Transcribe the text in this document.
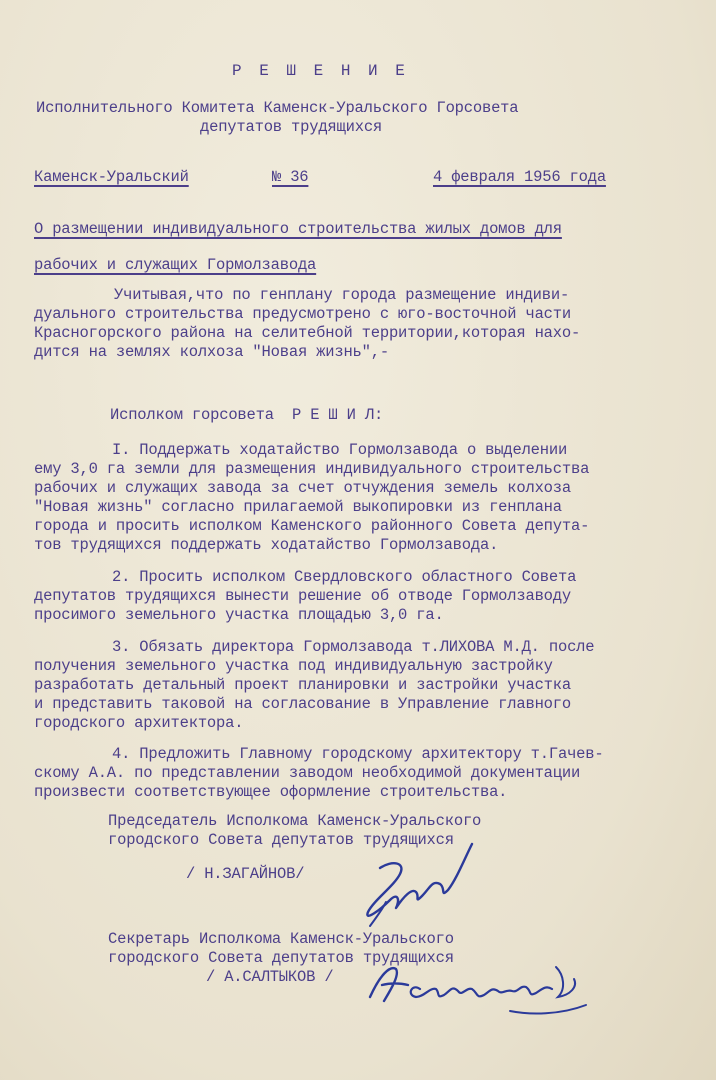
Р Е Ш Е Н И Е
Исполнительного Комитета Каменск-Уральского Горсовета
депутатов трудящихся
Каменск-Уральский	№ 36	4 февраля 1956 года
О размещении индивидуального строительства жилых домов для
рабочих и служащих Гормолзавода
Учитывая,что по генплану города размещение индиви-
дуального строительства предусмотрено с юго-восточной части
Красногорского района на селитебной территории,которая нахо-
дится на землях колхоза "Новая жизнь",-
Исполком горсовета  Р Е Ш И Л:
I. Поддержать ходатайство Гормолзавода о выделении
ему 3,0 га земли для размещения индивидуального строительства
рабочих и служащих завода за счет отчуждения земель колхоза
"Новая жизнь" согласно прилагаемой выкопировки из генплана
города и просить исполком Каменского районного Совета депута-
тов трудящихся поддержать ходатайство Гормолзавода.
2. Просить исполком Свердловского областного Совета
депутатов трудящихся вынести решение об отводе Гормолзаводу
просимого земельного участка площадью 3,0 га.
3. Обязать директора Гормолзавода т.ЛИХОВА М.Д. после
получения земельного участка под индивидуальную застройку
разработать детальный проект планировки и застройки участка
и представить таковой на согласование в Управление главного
городского архитектора.
4. Предложить Главному городскому архитектору т.Гачев-
скому А.А. по представлении заводом необходимой документации
произвести соответствующее оформление строительства.
Председатель Исполкома Каменск-Уральского
городского Совета депутатов трудящихся
/ Н.ЗАГАЙНОВ/
Секретарь Исполкома Каменск-Уральского
городского Совета депутатов трудящихся
/ А.САЛТЫКОВ /
